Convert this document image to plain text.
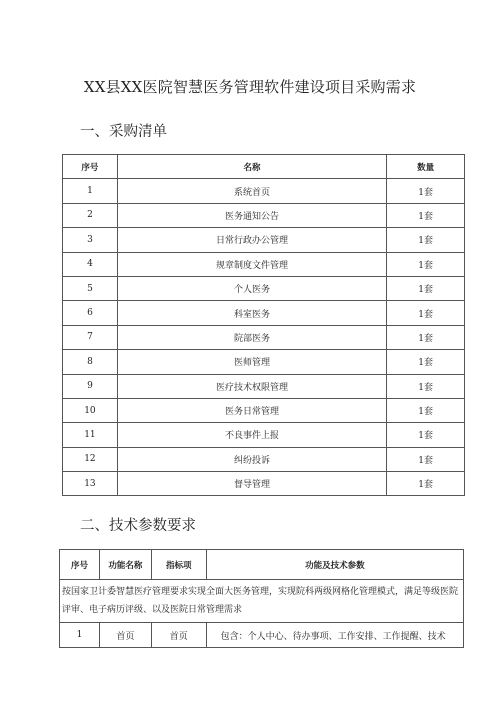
XX县XX医院智慧医务管理软件建设项目采购需求
一、采购清单
序号	名称	数量
1	系统首页	1套
2	医务通知公告	1套
3	日常行政办公管理	1套
4	规章制度文件管理	1套
5	个人医务	1套
6	科室医务	1套
7	院部医务	1套
8	医师管理	1套
9	医疗技术权限管理	1套
10	医务日常管理	1套
11	不良事件上报	1套
12	纠纷投诉	1套
13	督导管理	1套
二、技术参数要求
序号	功能名称	指标项	功能及技术参数
按国家卫计委智慧医疗管理要求实现全面大医务管理，实现院科两级网格化管理模式，满足等级医院评审、电子病历评级、以及医院日常管理需求			
1	首页	首页	包含：个人中心、待办事项、工作安排、工作提醒、技术
